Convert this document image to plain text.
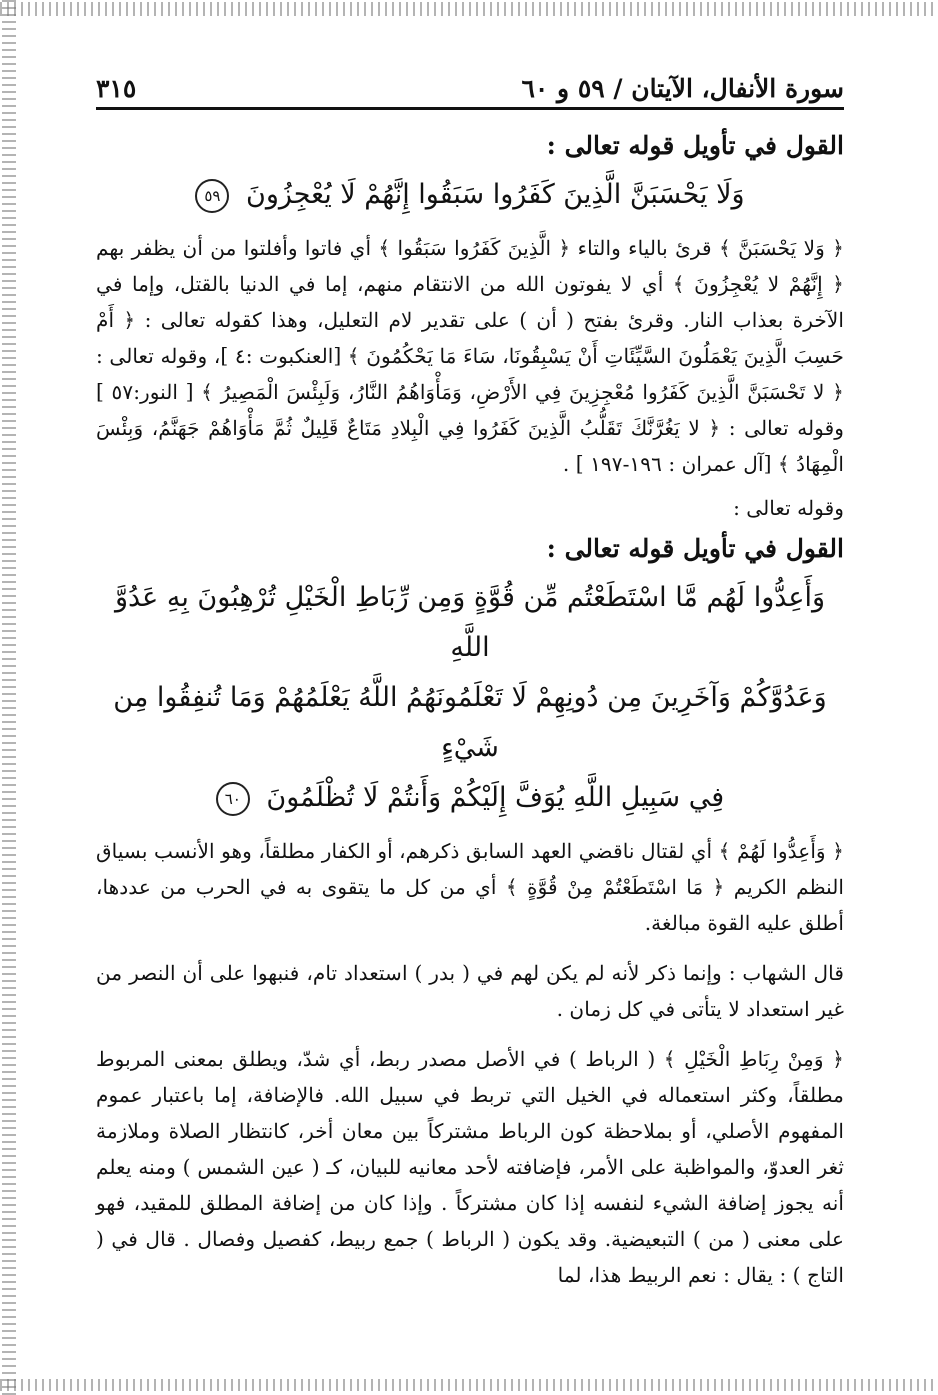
سورة الأنفال، الآيتان / ٥٩ و ٦٠
٣١٥
القول في تأويل قوله تعالى :
وَلَا يَحْسَبَنَّ الَّذِينَ كَفَرُوا سَبَقُوا إِنَّهُمْ لَا يُعْجِزُونَ ٥٩

﴿ وَلا يَحْسَبَنَّ ﴾ قرئ بالياء والتاء ﴿ الَّذِينَ كَفَرُوا سَبَقُوا ﴾ أي فاتوا وأفلتوا من أن يظفر بهم ﴿ إِنَّهُمْ لا يُعْجِزُونَ ﴾ أي لا يفوتون الله من الانتقام منهم، إما في الدنيا بالقتل، وإما في الآخرة بعذاب النار. وقرئ بفتح ( أن ) على تقدير لام التعليل، وهذا كقوله تعالى : ﴿ أَمْ حَسِبَ الَّذِينَ يَعْمَلُونَ السَّيِّئَاتِ أَنْ يَسْبِقُونَا، سَاءَ مَا يَحْكُمُونَ ﴾ [العنكبوت :٤ ]، وقوله تعالى : ﴿ لا تَحْسَبَنَّ الَّذِينَ كَفَرُوا مُعْجِزِينَ فِي الأَرْضِ، وَمَأْوَاهُمُ النَّارُ، وَلَبِئْسَ الْمَصِيرُ ﴾ [ النور:٥٧ ] وقوله تعالى : ﴿ لا يَغُرَّنَّكَ تَقَلُّبُ الَّذِينَ كَفَرُوا فِي الْبِلادِ مَتَاعٌ قَلِيلٌ ثُمَّ مَأْوَاهُمْ جَهَنَّمُ، وَبِئْسَ الْمِهَادُ ﴾ [آل عمران : ١٩٦-١٩٧ ] .

وقوله تعالى :

القول في تأويل قوله تعالى :
وَأَعِدُّوا لَهُم مَّا اسْتَطَعْتُم مِّن قُوَّةٍ وَمِن رِّبَاطِ الْخَيْلِ تُرْهِبُونَ بِهِ عَدُوَّ اللَّهِ
وَعَدُوَّكُمْ وَآخَرِينَ مِن دُونِهِمْ لَا تَعْلَمُونَهُمُ اللَّهُ يَعْلَمُهُمْ وَمَا تُنفِقُوا مِن شَيْءٍ
فِي سَبِيلِ اللَّهِ يُوَفَّ إِلَيْكُمْ وَأَنتُمْ لَا تُظْلَمُونَ ٦٠

﴿ وَأَعِدُّوا لَهُمْ ﴾ أي لقتال ناقضي العهد السابق ذكرهم، أو الكفار مطلقاً، وهو الأنسب بسياق النظم الكريم ﴿ مَا اسْتَطَعْتُمْ مِنْ قُوَّةٍ ﴾ أي من كل ما يتقوى به في الحرب من عددها، أطلق عليه القوة مبالغة.

قال الشهاب : وإنما ذكر لأنه لم يكن لهم في ( بدر ) استعداد تام، فنبهوا على أن النصر من غير استعداد لا يتأتى في كل زمان .

﴿ وَمِنْ رِبَاطِ الْخَيْلِ ﴾ ( الرباط ) في الأصل مصدر ربط، أي شدّ، ويطلق بمعنى المربوط مطلقاً، وكثر استعماله في الخيل التي تربط في سبيل الله. فالإضافة، إما باعتبار عموم المفهوم الأصلي، أو بملاحظة كون الرباط مشتركاً بين معان أخر، كانتظار الصلاة وملازمة ثغر العدوّ، والمواظبة على الأمر، فإضافته لأحد معانيه للبيان، كـ ( عين الشمس ) ومنه يعلم أنه يجوز إضافة الشيء لنفسه إذا كان مشتركاً . وإذا كان من إضافة المطلق للمقيد، فهو على معنى ( من ) التبعيضية. وقد يكون ( الرباط ) جمع ربيط، كفصيل وفصال . قال في ( التاج ) : يقال : نعم الربيط هذا، لما
